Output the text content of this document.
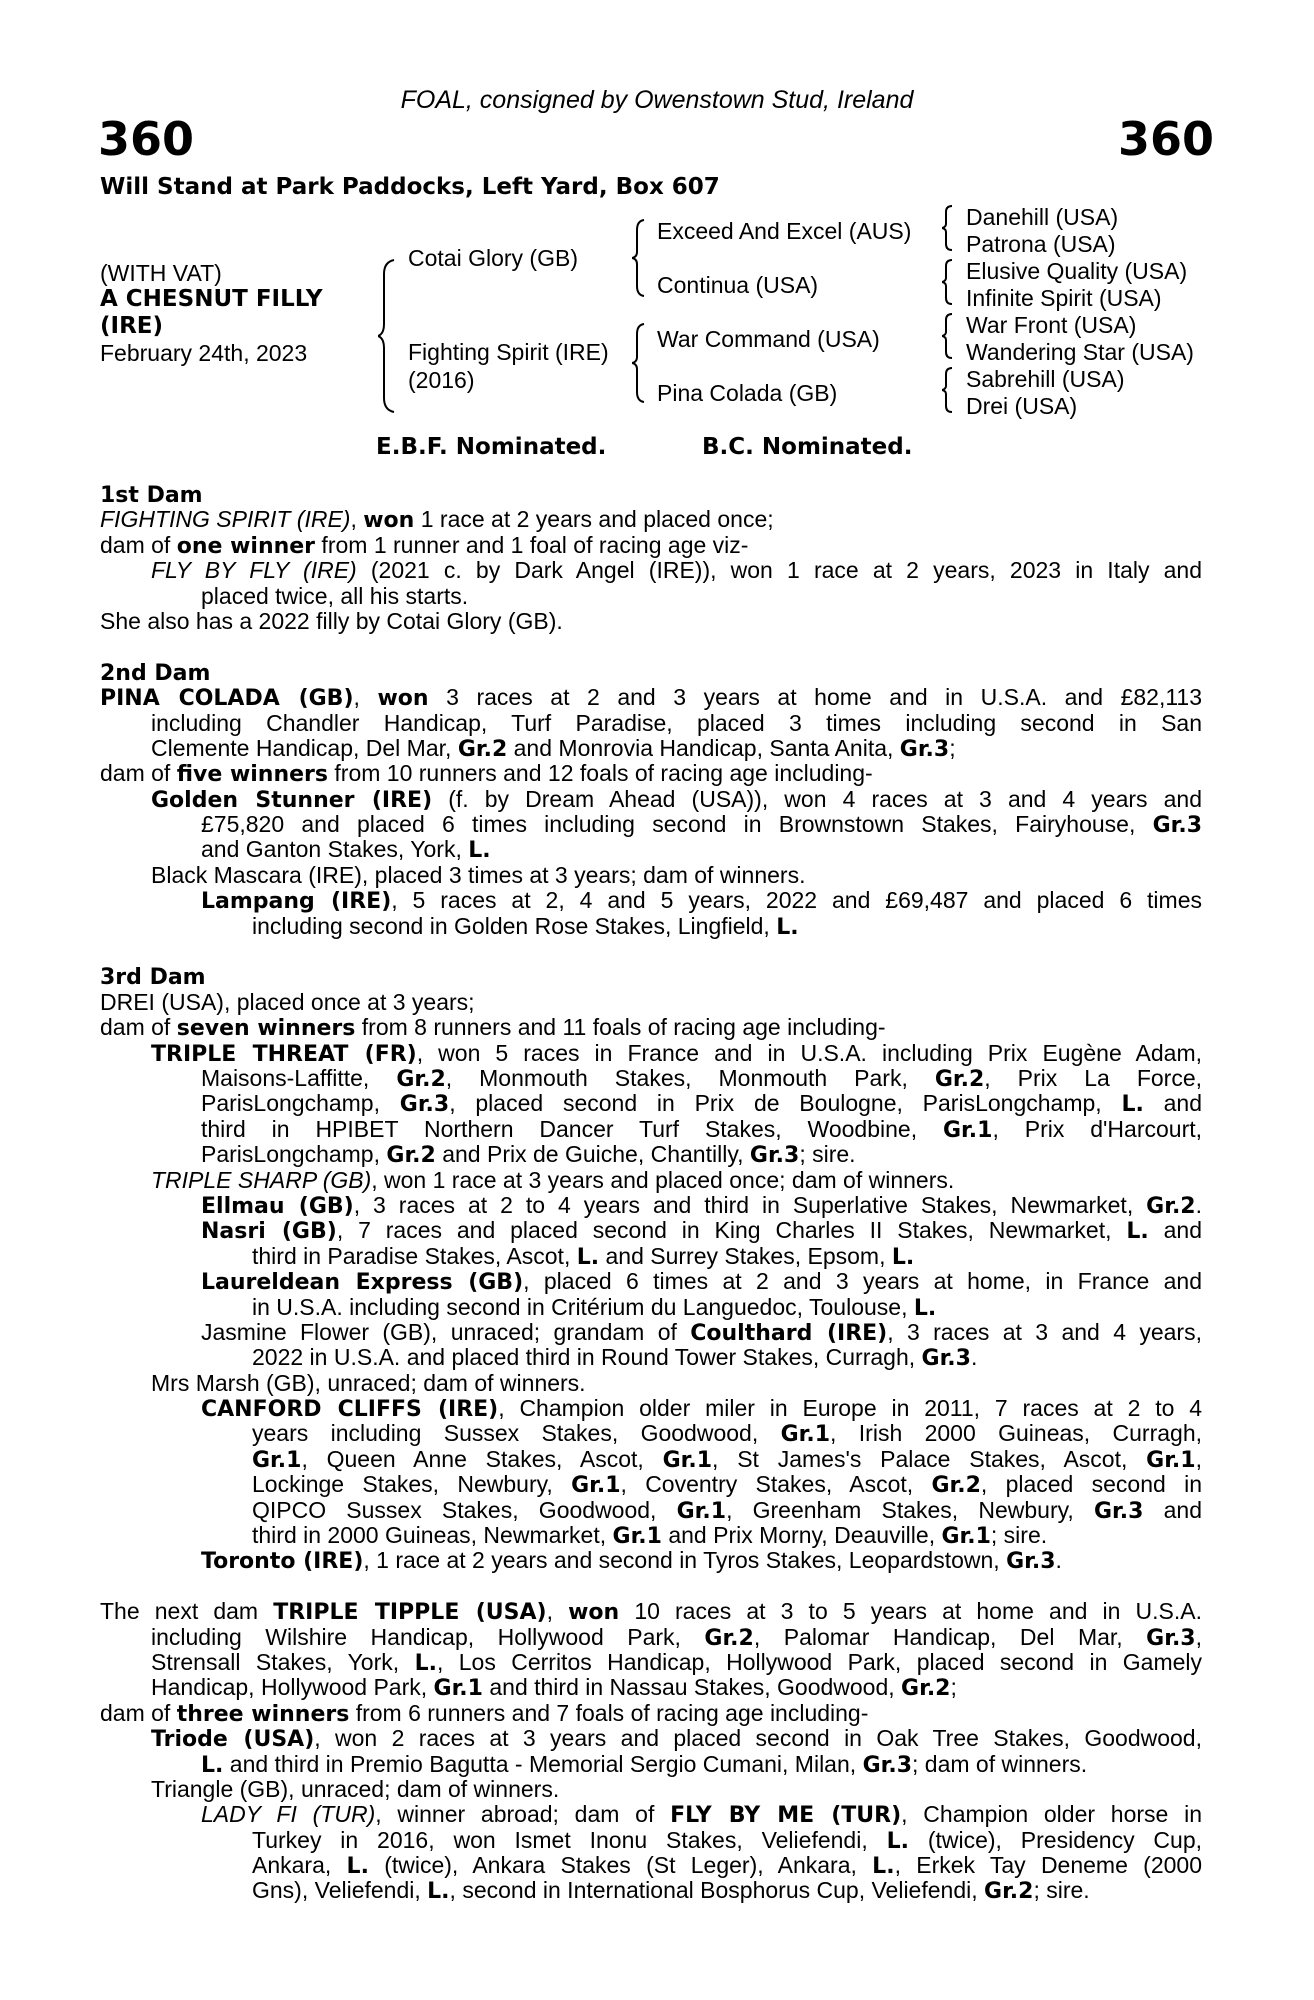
FOAL, consigned by Owenstown Stud, Ireland
360	360
Will Stand at Park Paddocks, Left Yard, Box 607
(WITH VAT)
A CHESNUT FILLY
(IRE)
February 24th, 2023
Cotai Glory (GB)
Fighting Spirit (IRE)
(2016)
Exceed And Excel (AUS)
Continua (USA)
War Command (USA)
Pina Colada (GB)
Danehill (USA)
Patrona (USA)
Elusive Quality (USA)
Infinite Spirit (USA)
War Front (USA)
Wandering Star (USA)
Sabrehill (USA)
Drei (USA)
E.B.F. Nominated.	B.C. Nominated.
1st Dam
FIGHTING SPIRIT (IRE), won 1 race at 2 years and placed once;
dam of one winner from 1 runner and 1 foal of racing age viz-
FLY BY FLY (IRE) (2021 c. by Dark Angel (IRE)), won 1 race at 2 years, 2023 in Italy and
placed twice, all his starts.
She also has a 2022 filly by Cotai Glory (GB).
2nd Dam
PINA COLADA (GB), won 3 races at 2 and 3 years at home and in U.S.A. and £82,113
including Chandler Handicap, Turf Paradise, placed 3 times including second in San
Clemente Handicap, Del Mar, Gr.2 and Monrovia Handicap, Santa Anita, Gr.3;
dam of five winners from 10 runners and 12 foals of racing age including-
Golden Stunner (IRE) (f. by Dream Ahead (USA)), won 4 races at 3 and 4 years and
£75,820 and placed 6 times including second in Brownstown Stakes, Fairyhouse, Gr.3
and Ganton Stakes, York, L.
Black Mascara (IRE), placed 3 times at 3 years; dam of winners.
Lampang (IRE), 5 races at 2, 4 and 5 years, 2022 and £69,487 and placed 6 times
including second in Golden Rose Stakes, Lingfield, L.
3rd Dam
DREI (USA), placed once at 3 years;
dam of seven winners from 8 runners and 11 foals of racing age including-
TRIPLE THREAT (FR), won 5 races in France and in U.S.A. including Prix Eugène Adam,
Maisons-Laffitte, Gr.2, Monmouth Stakes, Monmouth Park, Gr.2, Prix La Force,
ParisLongchamp, Gr.3, placed second in Prix de Boulogne, ParisLongchamp, L. and
third in HPIBET Northern Dancer Turf Stakes, Woodbine, Gr.1, Prix d'Harcourt,
ParisLongchamp, Gr.2 and Prix de Guiche, Chantilly, Gr.3; sire.
TRIPLE SHARP (GB), won 1 race at 3 years and placed once; dam of winners.
Ellmau (GB), 3 races at 2 to 4 years and third in Superlative Stakes, Newmarket, Gr.2.
Nasri (GB), 7 races and placed second in King Charles II Stakes, Newmarket, L. and
third in Paradise Stakes, Ascot, L. and Surrey Stakes, Epsom, L.
Laureldean Express (GB), placed 6 times at 2 and 3 years at home, in France and
in U.S.A. including second in Critérium du Languedoc, Toulouse, L.
Jasmine Flower (GB), unraced; grandam of Coulthard (IRE), 3 races at 3 and 4 years,
2022 in U.S.A. and placed third in Round Tower Stakes, Curragh, Gr.3.
Mrs Marsh (GB), unraced; dam of winners.
CANFORD CLIFFS (IRE), Champion older miler in Europe in 2011, 7 races at 2 to 4
years including Sussex Stakes, Goodwood, Gr.1, Irish 2000 Guineas, Curragh,
Gr.1, Queen Anne Stakes, Ascot, Gr.1, St James's Palace Stakes, Ascot, Gr.1,
Lockinge Stakes, Newbury, Gr.1, Coventry Stakes, Ascot, Gr.2, placed second in
QIPCO Sussex Stakes, Goodwood, Gr.1, Greenham Stakes, Newbury, Gr.3 and
third in 2000 Guineas, Newmarket, Gr.1 and Prix Morny, Deauville, Gr.1; sire.
Toronto (IRE), 1 race at 2 years and second in Tyros Stakes, Leopardstown, Gr.3.
The next dam TRIPLE TIPPLE (USA), won 10 races at 3 to 5 years at home and in U.S.A.
including Wilshire Handicap, Hollywood Park, Gr.2, Palomar Handicap, Del Mar, Gr.3,
Strensall Stakes, York, L., Los Cerritos Handicap, Hollywood Park, placed second in Gamely
Handicap, Hollywood Park, Gr.1 and third in Nassau Stakes, Goodwood, Gr.2;
dam of three winners from 6 runners and 7 foals of racing age including-
Triode (USA), won 2 races at 3 years and placed second in Oak Tree Stakes, Goodwood,
L. and third in Premio Bagutta - Memorial Sergio Cumani, Milan, Gr.3; dam of winners.
Triangle (GB), unraced; dam of winners.
LADY FI (TUR), winner abroad; dam of FLY BY ME (TUR), Champion older horse in
Turkey in 2016, won Ismet Inonu Stakes, Veliefendi, L. (twice), Presidency Cup,
Ankara, L. (twice), Ankara Stakes (St Leger), Ankara, L., Erkek Tay Deneme (2000
Gns), Veliefendi, L., second in International Bosphorus Cup, Veliefendi, Gr.2; sire.
